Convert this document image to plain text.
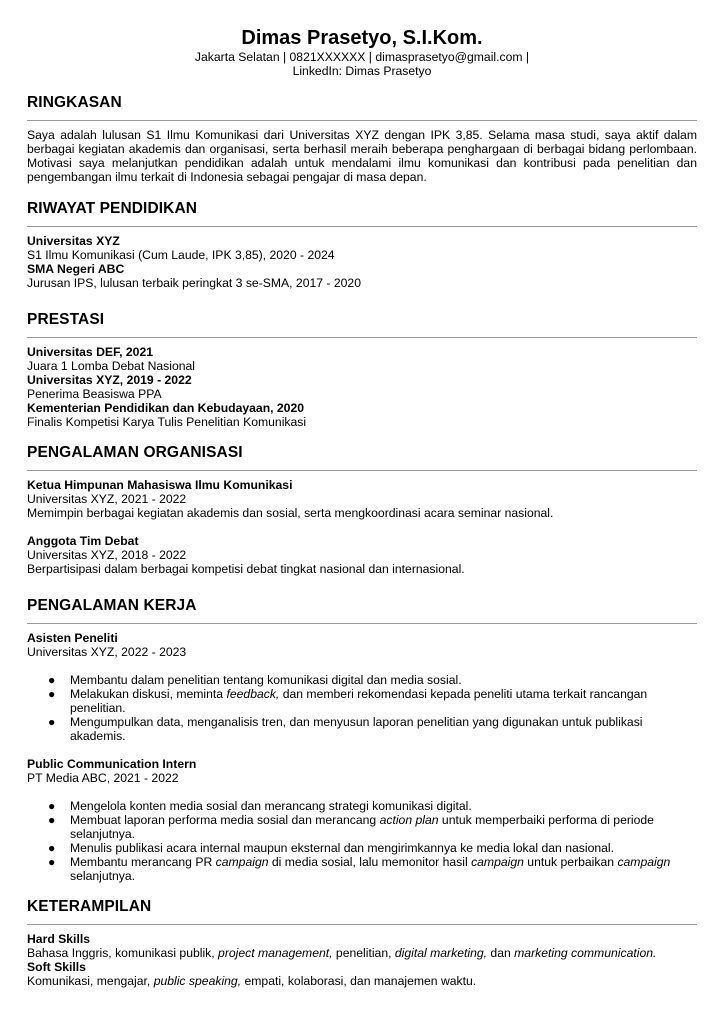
Dimas Prasetyo, S.I.Kom.
Jakarta Selatan | 0821XXXXXX | dimasprasetyo@gmail.com |
LinkedIn: Dimas Prasetyo
RINGKASAN
Saya adalah lulusan S1 Ilmu Komunikasi dari Universitas XYZ dengan IPK 3,85. Selama masa studi, saya aktif dalam berbagai kegiatan akademis dan organisasi, serta berhasil meraih beberapa penghargaan di berbagai bidang perlombaan. Motivasi saya melanjutkan pendidikan adalah untuk mendalami ilmu komunikasi dan kontribusi pada penelitian dan pengembangan ilmu terkait di Indonesia sebagai pengajar di masa depan.
RIWAYAT PENDIDIKAN
Universitas XYZ
S1 Ilmu Komunikasi (Cum Laude, IPK 3,85), 2020 - 2024
SMA Negeri ABC
Jurusan IPS, lulusan terbaik peringkat 3 se-SMA, 2017 - 2020
PRESTASI
Universitas DEF, 2021
Juara 1 Lomba Debat Nasional
Universitas XYZ, 2019 - 2022
Penerima Beasiswa PPA
Kementerian Pendidikan dan Kebudayaan, 2020
Finalis Kompetisi Karya Tulis Penelitian Komunikasi
PENGALAMAN ORGANISASI
Ketua Himpunan Mahasiswa Ilmu Komunikasi
Universitas XYZ, 2021 - 2022
Memimpin berbagai kegiatan akademis dan sosial, serta mengkoordinasi acara seminar nasional.
Anggota Tim Debat
Universitas XYZ, 2018 - 2022
Berpartisipasi dalam berbagai kompetisi debat tingkat nasional dan internasional.
PENGALAMAN KERJA
Asisten Peneliti
Universitas XYZ, 2022 - 2023
● Membantu dalam penelitian tentang komunikasi digital dan media sosial.
● Melakukan diskusi, meminta feedback, dan memberi rekomendasi kepada peneliti utama terkait rancangan penelitian.
● Mengumpulkan data, menganalisis tren, dan menyusun laporan penelitian yang digunakan untuk publikasi akademis.
Public Communication Intern
PT Media ABC, 2021 - 2022
● Mengelola konten media sosial dan merancang strategi komunikasi digital.
● Membuat laporan performa media sosial dan merancang action plan untuk memperbaiki performa di periode selanjutnya.
● Menulis publikasi acara internal maupun eksternal dan mengirimkannya ke media lokal dan nasional.
● Membantu merancang PR campaign di media sosial, lalu memonitor hasil campaign untuk perbaikan campaign selanjutnya.
KETERAMPILAN
Hard Skills
Bahasa Inggris, komunikasi publik, project management, penelitian, digital marketing, dan marketing communication.
Soft Skills
Komunikasi, mengajar, public speaking, empati, kolaborasi, dan manajemen waktu.
